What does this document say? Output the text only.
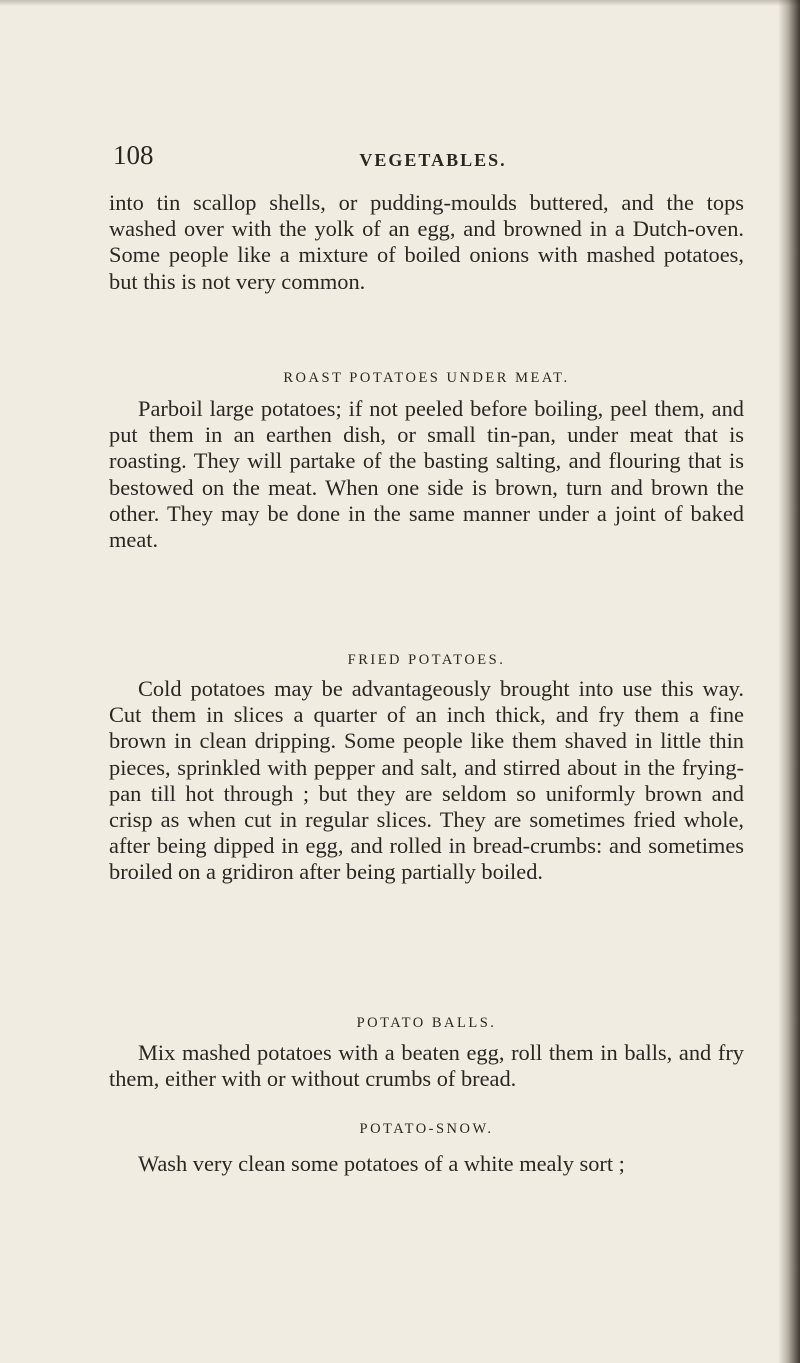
108	VEGETABLES.

into tin scallop shells, or pudding-moulds buttered, and the tops washed over with the yolk of an egg, and browned in a Dutch-oven. Some people like a mixture of boiled onions with mashed potatoes, but this is not very common.

ROAST POTATOES UNDER MEAT.

Parboil large potatoes; if not peeled before boiling, peel them, and put them in an earthen dish, or small tin-pan, under meat that is roasting. They will partake of the basting salting, and flouring that is bestowed on the meat. When one side is brown, turn and brown the other. They may be done in the same manner under a joint of baked meat.

FRIED POTATOES.

Cold potatoes may be advantageously brought into use this way. Cut them in slices a quarter of an inch thick, and fry them a fine brown in clean dripping. Some people like them shaved in little thin pieces, sprinkled with pepper and salt, and stirred about in the frying-pan till hot through ; but they are seldom so uniformly brown and crisp as when cut in regular slices. They are sometimes fried whole, after being dipped in egg, and rolled in bread-crumbs: and sometimes broiled on a gridiron after being partially boiled.

POTATO BALLS.

Mix mashed potatoes with a beaten egg, roll them in balls, and fry them, either with or without crumbs of bread.

POTATO-SNOW.

Wash very clean some potatoes of a white mealy sort ;
